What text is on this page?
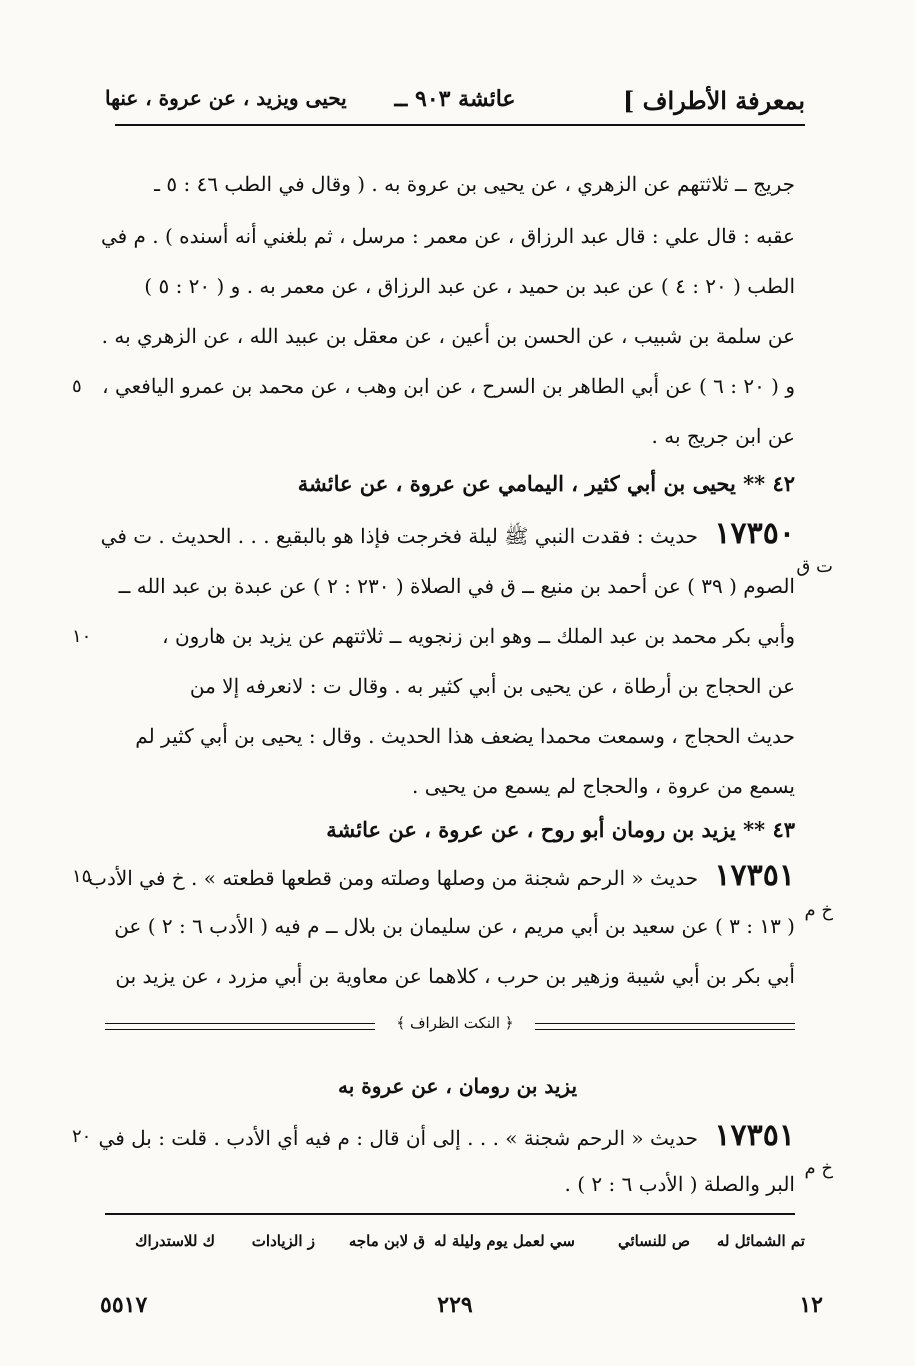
بمعرفة الأطراف ]
عائشة ٩٠٣ ــ
يحيى ويزيد ، عن عروة ، عنها
جريج ــ ثلاثتهم عن الزهري ، عن يحيى بن عروة به . ( وقال في الطب ٤٦ : ٥ ـ
عقبه : قال علي : قال عبد الرزاق ، عن معمر : مرسل ، ثم بلغني أنه أسنده ) . م في
الطب ( ٢٠ : ٤ ) عن عبد بن حميد ، عن عبد الرزاق ، عن معمر به . و ( ٢٠ : ٥ )
عن سلمة بن شبيب ، عن الحسن بن أعين ، عن معقل بن عبيد الله ، عن الزهري به .
و ( ٢٠ : ٦ ) عن أبي الطاهر بن السرح ، عن ابن وهب ، عن محمد بن عمرو اليافعي ،
عن ابن جريج به .
٥
٤٢ ** يحيى بن أبي كثير ، اليمامي عن عروة ، عن عائشة
١٧٣٥٠ حديث : فقدت النبي ﷺ ليلة فخرجت فإذا هو بالبقيع . . . الحديث . ت في
ت ق
الصوم ( ٣٩ ) عن أحمد بن منيع ــ ق في الصلاة ( ٢٣٠ : ٢ ) عن عبدة بن عبد الله ــ
وأبي بكر محمد بن عبد الملك ــ وهو ابن زنجويه ــ ثلاثتهم عن يزيد بن هارون ،
١٠
عن الحجاج بن أرطاة ، عن يحيى بن أبي كثير به . وقال ت : لانعرفه إلا من
حديث الحجاج ، وسمعت محمدا يضعف هذا الحديث . وقال : يحيى بن أبي كثير لم
يسمع من عروة ، والحجاج لم يسمع من يحيى .
٤٣ ** يزيد بن رومان أبو روح ، عن عروة ، عن عائشة
١٧٣٥١ حديث « الرحم شجنة من وصلها وصلته ومن قطعها قطعته » . خ في الأدب
١٥
خ م
( ١٣ : ٣ ) عن سعيد بن أبي مريم ، عن سليمان بن بلال ــ م فيه ( الأدب ٦ : ٢ ) عن
أبي بكر بن أبي شيبة وزهير بن حرب ، كلاهما عن معاوية بن أبي مزرد ، عن يزيد بن
﴿ النكت الظراف ﴾
يزيد بن رومان ، عن عروة به
١٧٣٥١ حديث « الرحم شجنة » . . . إلى أن قال : م فيه أي الأدب . قلت : بل في
٢٠
خ م
البر والصلة ( الأدب ٦ : ٢ ) .
تم الشمائل له
ص للنسائي
سي لعمل يوم وليلة له
ق لابن ماجه
ز الزيادات
ك للاستدراك
١٢
٢٢٩
٥٥١٧
